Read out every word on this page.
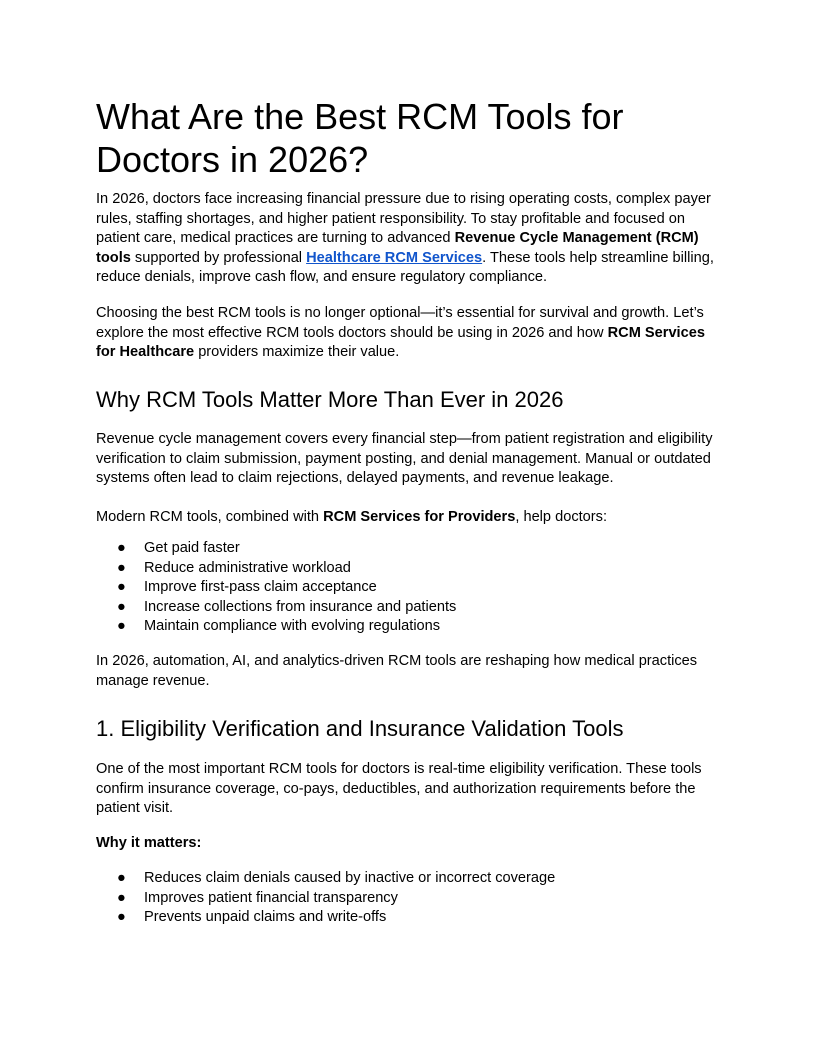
What Are the Best RCM Tools for Doctors in 2026?

In 2026, doctors face increasing financial pressure due to rising operating costs, complex payer rules, staffing shortages, and higher patient responsibility. To stay profitable and focused on patient care, medical practices are turning to advanced Revenue Cycle Management (RCM) tools supported by professional Healthcare RCM Services. These tools help streamline billing, reduce denials, improve cash flow, and ensure regulatory compliance.

Choosing the best RCM tools is no longer optional—it’s essential for survival and growth. Let’s explore the most effective RCM tools doctors should be using in 2026 and how RCM Services for Healthcare providers maximize their value.

Why RCM Tools Matter More Than Ever in 2026

Revenue cycle management covers every financial step—from patient registration and eligibility verification to claim submission, payment posting, and denial management. Manual or outdated systems often lead to claim rejections, delayed payments, and revenue leakage.

Modern RCM tools, combined with RCM Services for Providers, help doctors:

● Get paid faster
● Reduce administrative workload
● Improve first-pass claim acceptance
● Increase collections from insurance and patients
● Maintain compliance with evolving regulations

In 2026, automation, AI, and analytics-driven RCM tools are reshaping how medical practices manage revenue.

1. Eligibility Verification and Insurance Validation Tools

One of the most important RCM tools for doctors is real-time eligibility verification. These tools confirm insurance coverage, co-pays, deductibles, and authorization requirements before the patient visit.

Why it matters:

● Reduces claim denials caused by inactive or incorrect coverage
● Improves patient financial transparency
● Prevents unpaid claims and write-offs
